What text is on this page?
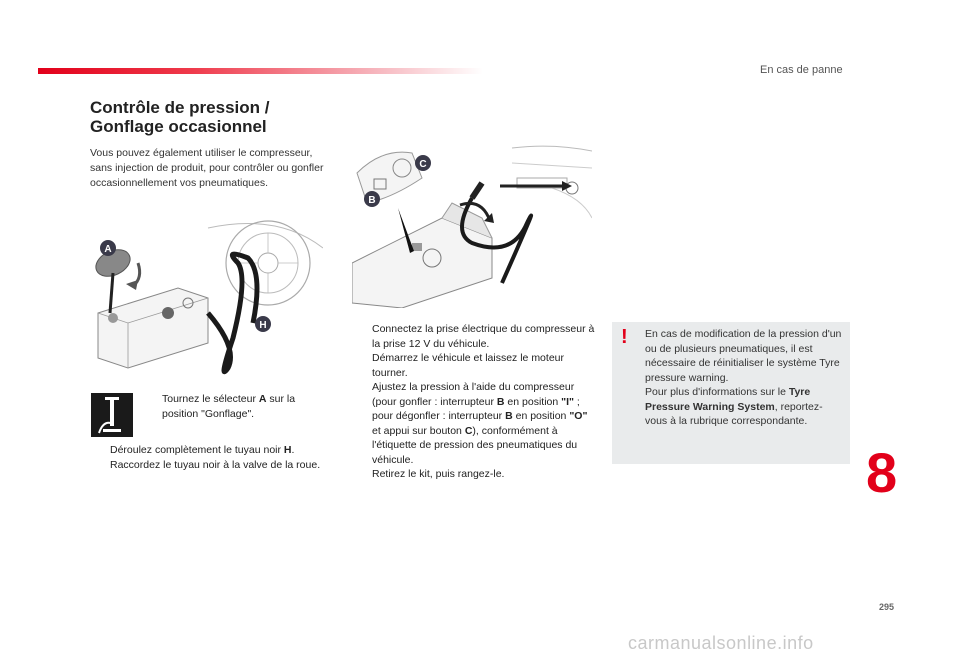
En cas de panne
Contrôle de pression /
Gonflage occasionnel
Vous pouvez également utiliser le compresseur, sans injection de produit, pour contrôler ou gonfler occasionnellement vos pneumatiques.
A
H
C
B
Tournez le sélecteur A sur la position "Gonflage".
Déroulez complètement le tuyau noir H.
Raccordez le tuyau noir à la valve de la roue.
Connectez la prise électrique du compresseur à la prise 12 V du véhicule.
Démarrez le véhicule et laissez le moteur tourner.
Ajustez la pression à l'aide du compresseur (pour gonfler : interrupteur B en position "I" ; pour dégonfler : interrupteur B en position "O" et appui sur bouton C), conformément à l'étiquette de pression des pneumatiques du véhicule.
Retirez le kit, puis rangez-le.
! En cas de modification de la pression d'un ou de plusieurs pneumatiques, il est nécessaire de réinitialiser le système Tyre pressure warning.
Pour plus d'informations sur le Tyre Pressure Warning System, reportez-vous à la rubrique correspondante.
8
295
carmanualsonline.info
